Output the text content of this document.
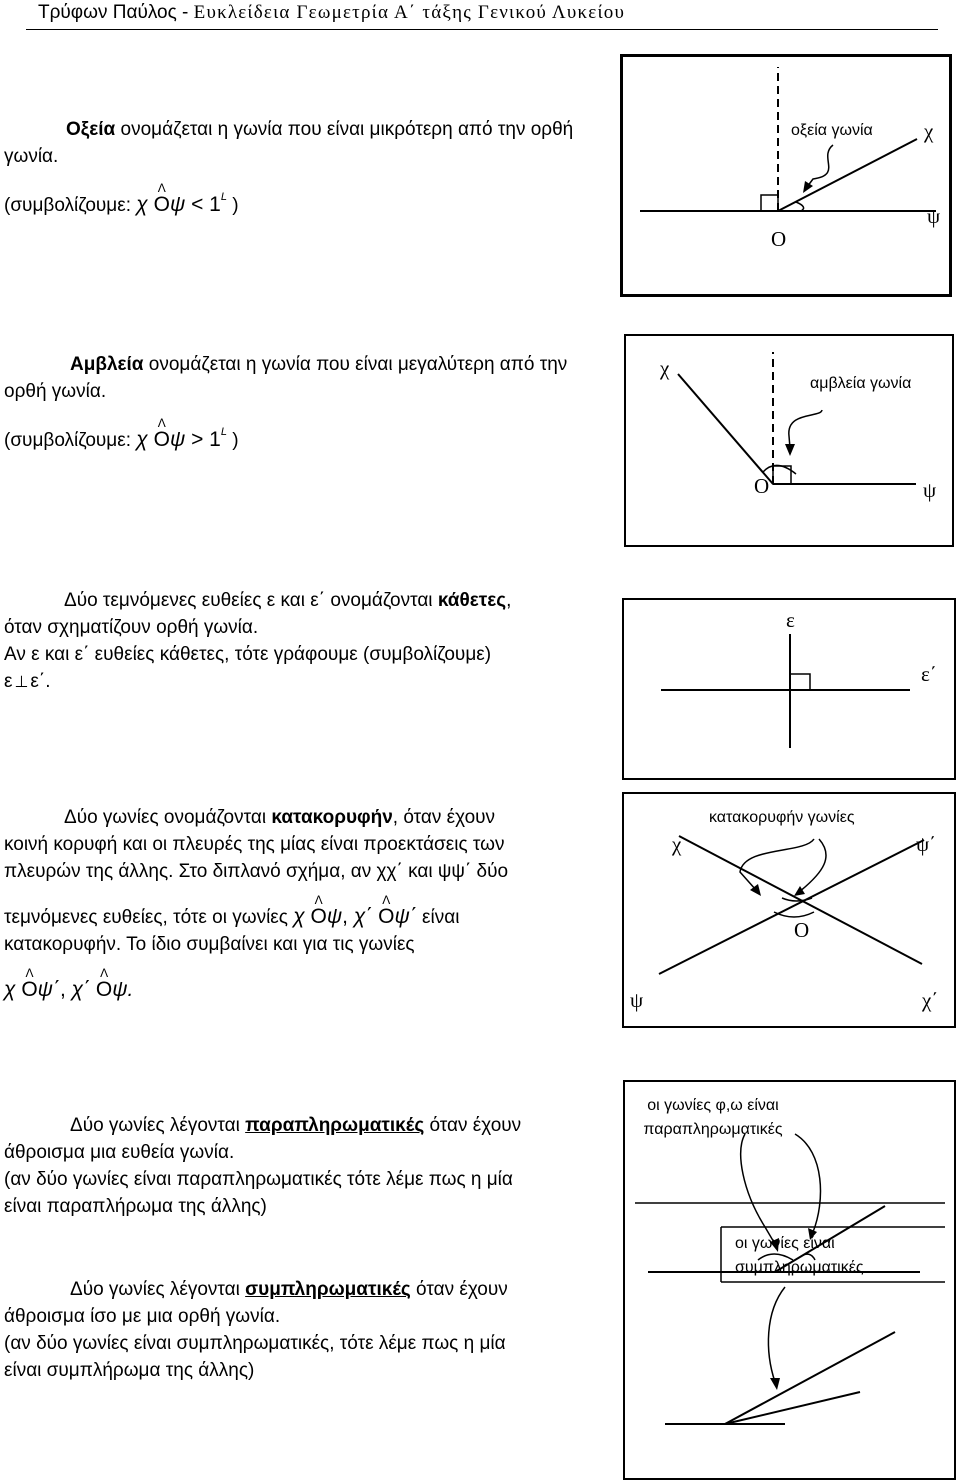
Τρύφων Παύλος - Ευκλείδεια Γεωμετρία Α΄ τάξης Γενικού Λυκείου

Οξεία ονομάζεται η γωνία που είναι μικρότερη από την ορθή γωνία.

(συμβολίζουμε: χ Λ $O\psi < 1^L$ )

οξεία γωνία χ
ψ
Ο

Αμβλεία ονομάζεται η γωνία που είναι μεγαλύτερη από την ορθή γωνία.

(συμβολίζουμε: χ Λ $O\psi > 1^L$ )

αμβλεία γωνία
χ
ψ
Ο

Δύο τεμνόμενες ευθείες ε και ε΄ ονομάζονται κάθετες,

όταν σχηματίζουν ορθή γωνία.

Αν ε και ε΄ ευθείες κάθετες, τότε γράφουμε (συμβολίζουμε)

ε ⊥ ε΄.

ε
ε΄

Δύο γωνίες ονομάζονται κατακορυφήν, όταν έχουν

κοινή κορυφή και οι πλευρές της μίας είναι προεκτάσεις των

πλευρών της άλλης. Στο διπλανό σχήμα, αν χχ΄ και ψψ΄ δύο

τεμνόμενες ευθείες, τότε οι γωνίες χ Λ Οψ, χ΄ Λ Οψ΄ είναι

κατακορυφήν. Το ίδιο συμβαίνει και για τις γωνίες

χ Λ Οψ΄, χ΄ Λ Οψ.

κατακορυφήν γωνίες
χ	ψ΄
Ο
ψ	χ΄

Δύο γωνίες λέγονται παραπληρωματικές όταν έχουν

άθροισμα μια ευθεία γωνία.

(αν δύο γωνίες είναι παραπληρωματικές τότε λέμε πως η μία

είναι παραπλήρωμα της άλλης)

Δύο γωνίες λέγονται συμπληρωματικές όταν έχουν

άθροισμα ίσο με μια ορθή γωνία.

(αν δύο γωνίες είναι συμπληρωματικές, τότε λέμε πως η μία

είναι συμπλήρωμα της άλλης)

οι γωνίες φ,ω είναι
παραπληρωματικές
οι γωνίες είναι
συμπληρωματικές
